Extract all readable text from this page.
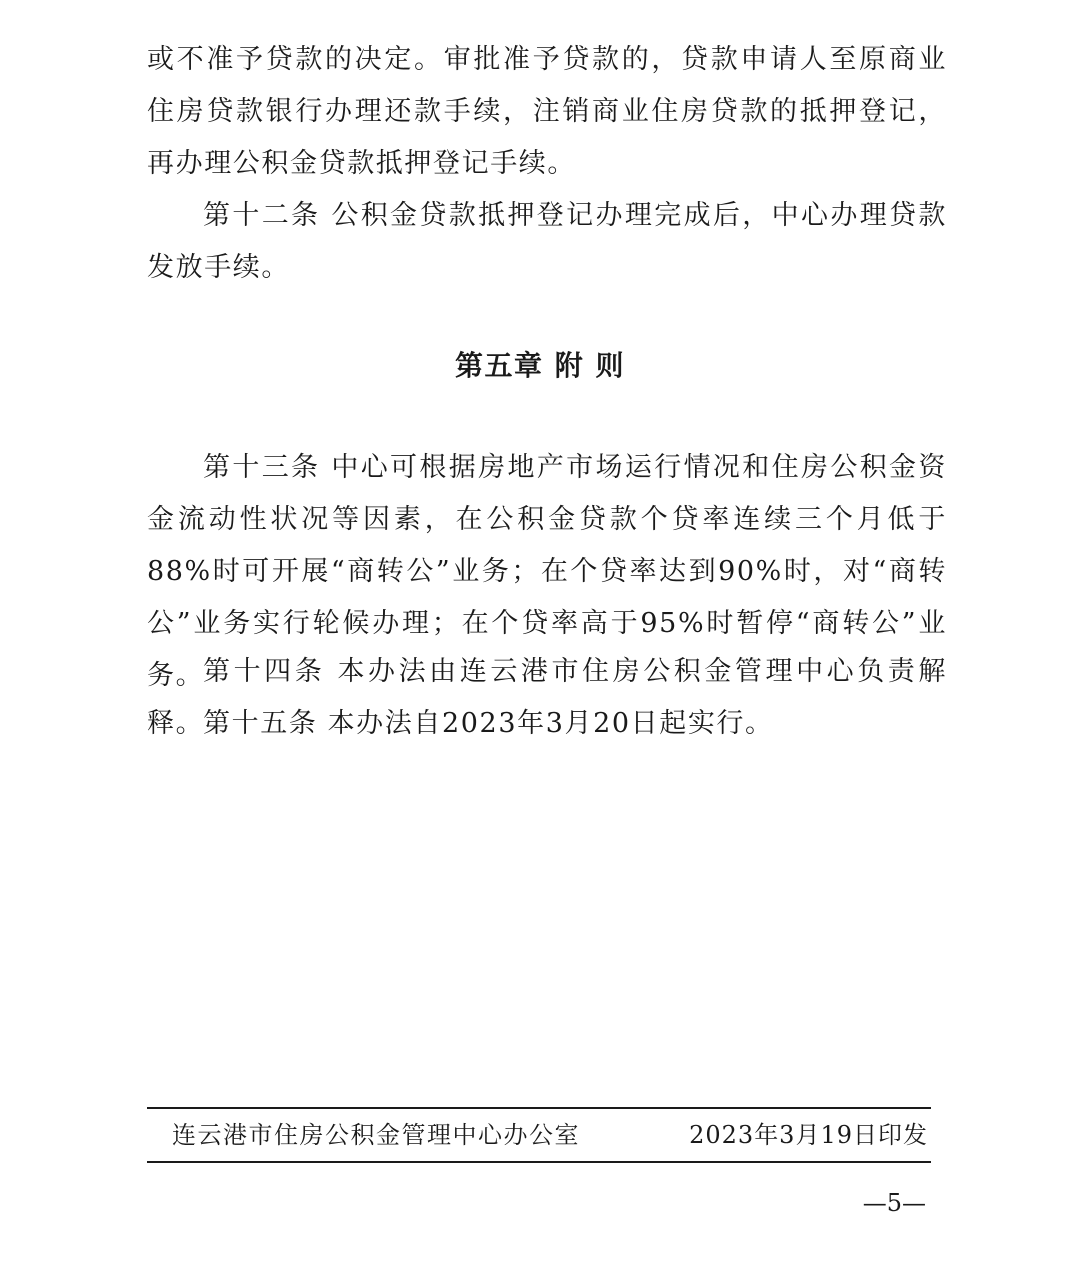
或不准予贷款的决定。审批准予贷款的，贷款申请人至原商业住房贷款银行办理还款手续，注销商业住房贷款的抵押登记，再办理公积金贷款抵押登记手续。

第十二条 公积金贷款抵押登记办理完成后，中心办理贷款发放手续。

第五章 附 则

第十三条 中心可根据房地产市场运行情况和住房公积金资金流动性状况等因素，在公积金贷款个贷率连续三个月低于88%时可开展“商转公”业务；在个贷率达到90%时，对“商转公”业务实行轮候办理；在个贷率高于95%时暂停“商转公”业务。

第十四条 本办法由连云港市住房公积金管理中心负责解释。

第十五条 本办法自2023年3月20日起实行。

连云港市住房公积金管理中心办公室	2023年3月19日印发
—5—
